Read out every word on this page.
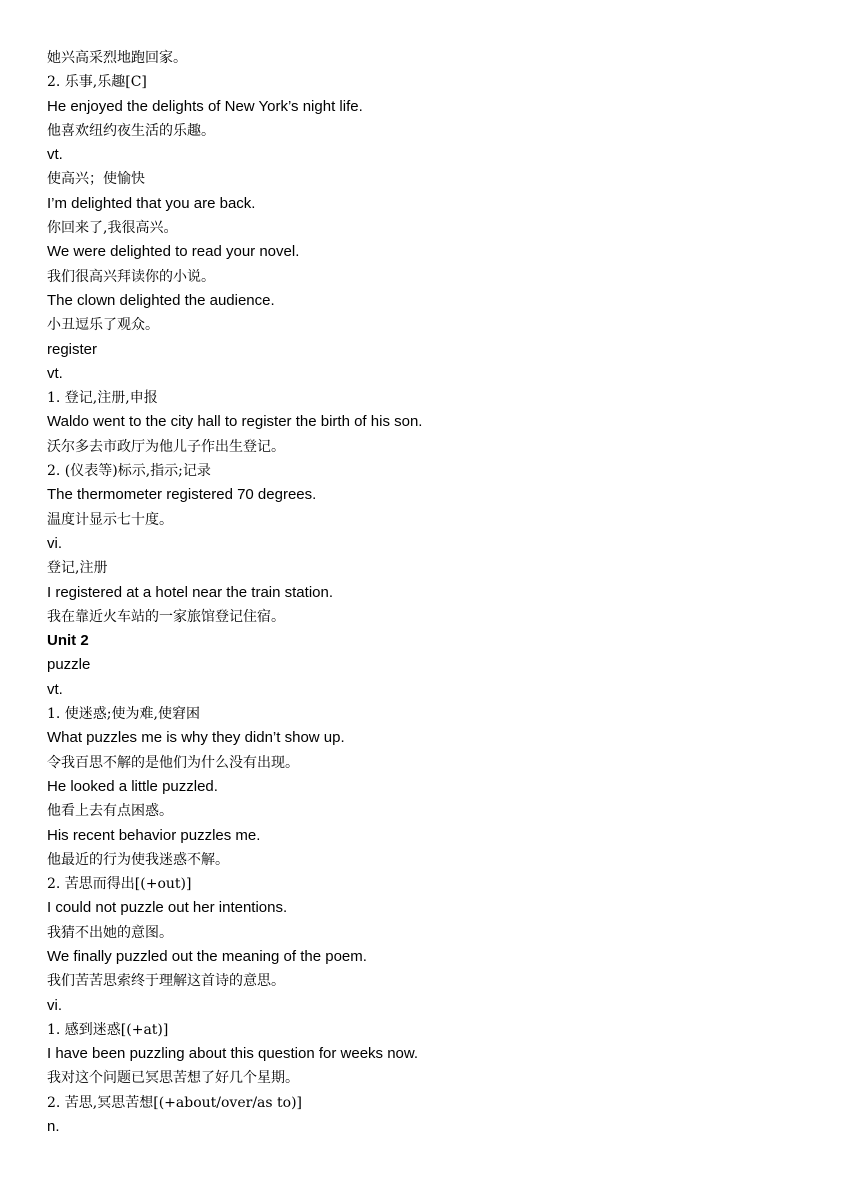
她兴高采烈地跑回家。
2. 乐事,乐趣[C]
He enjoyed the delights of New York’s night life.
他喜欢纽约夜生活的乐趣。
vt.
使高兴；使愉快
I’m delighted that you are back.
你回来了,我很高兴。
We were delighted to read your novel.
我们很高兴拜读你的小说。
The clown delighted the audience.
小丑逗乐了观众。
register
vt.
1. 登记,注册,申报
Waldo went to the city hall to register the birth of his son.
沃尔多去市政厅为他儿子作出生登记。
2. (仪表等)标示,指示;记录
The thermometer registered 70 degrees.
温度计显示七十度。
vi.
登记,注册
I registered at a hotel near the train station.
我在靠近火车站的一家旅馆登记住宿。
Unit 2
puzzle
vt.
1. 使迷惑;使为难,使窘困
What puzzles me is why they didn’t show up.
令我百思不解的是他们为什么没有出现。
He looked a little puzzled.
他看上去有点困惑。
His recent behavior puzzles me.
他最近的行为使我迷惑不解。
2. 苦思而得出[(+out)]
I could not puzzle out her intentions.
我猜不出她的意图。
We finally puzzled out the meaning of the poem.
我们苦苦思索终于理解这首诗的意思。
vi.
1. 感到迷惑[(+at)]
I have been puzzling about this question for weeks now.
我对这个问题已冥思苦想了好几个星期。
2. 苦思,冥思苦想[(+about/over/as to)]
n.
